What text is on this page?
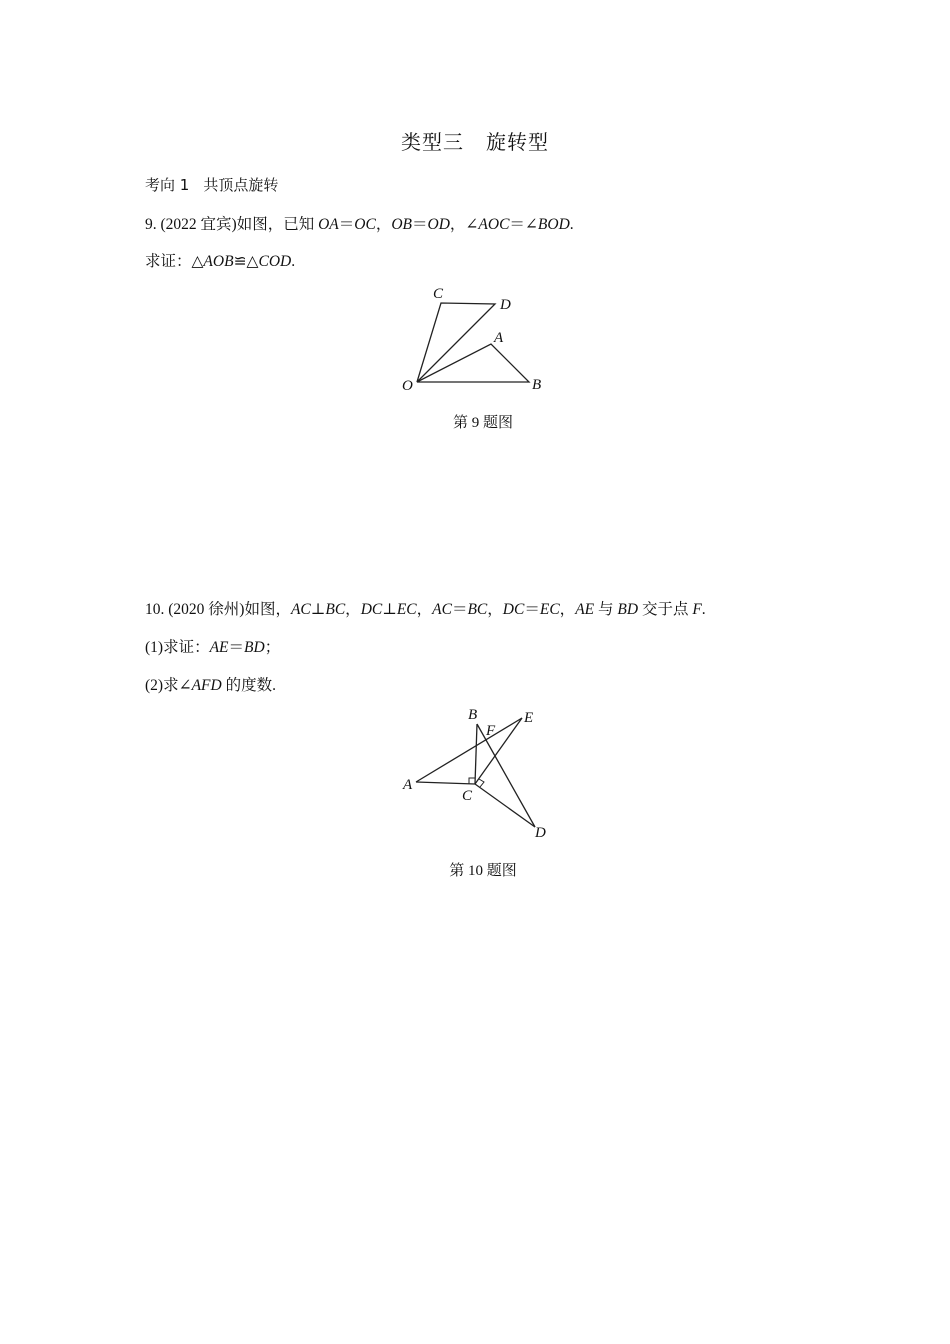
类型三 旋转型
考向 1 共顶点旋转
9. (2022 宜宾)如图，已知 OA＝OC，OB＝OD，∠AOC＝∠BOD.
求证：△AOB≌△COD.
C
D
A
B
O
B	E
F
A
C
D
第 9 题图
10. (2020 徐州)如图，AC⊥BC，DC⊥EC，AC＝BC，DC＝EC，AE 与 BD 交于点 F.
(1)求证：AE＝BD；
(2)求∠AFD 的度数.
第 10 题图
